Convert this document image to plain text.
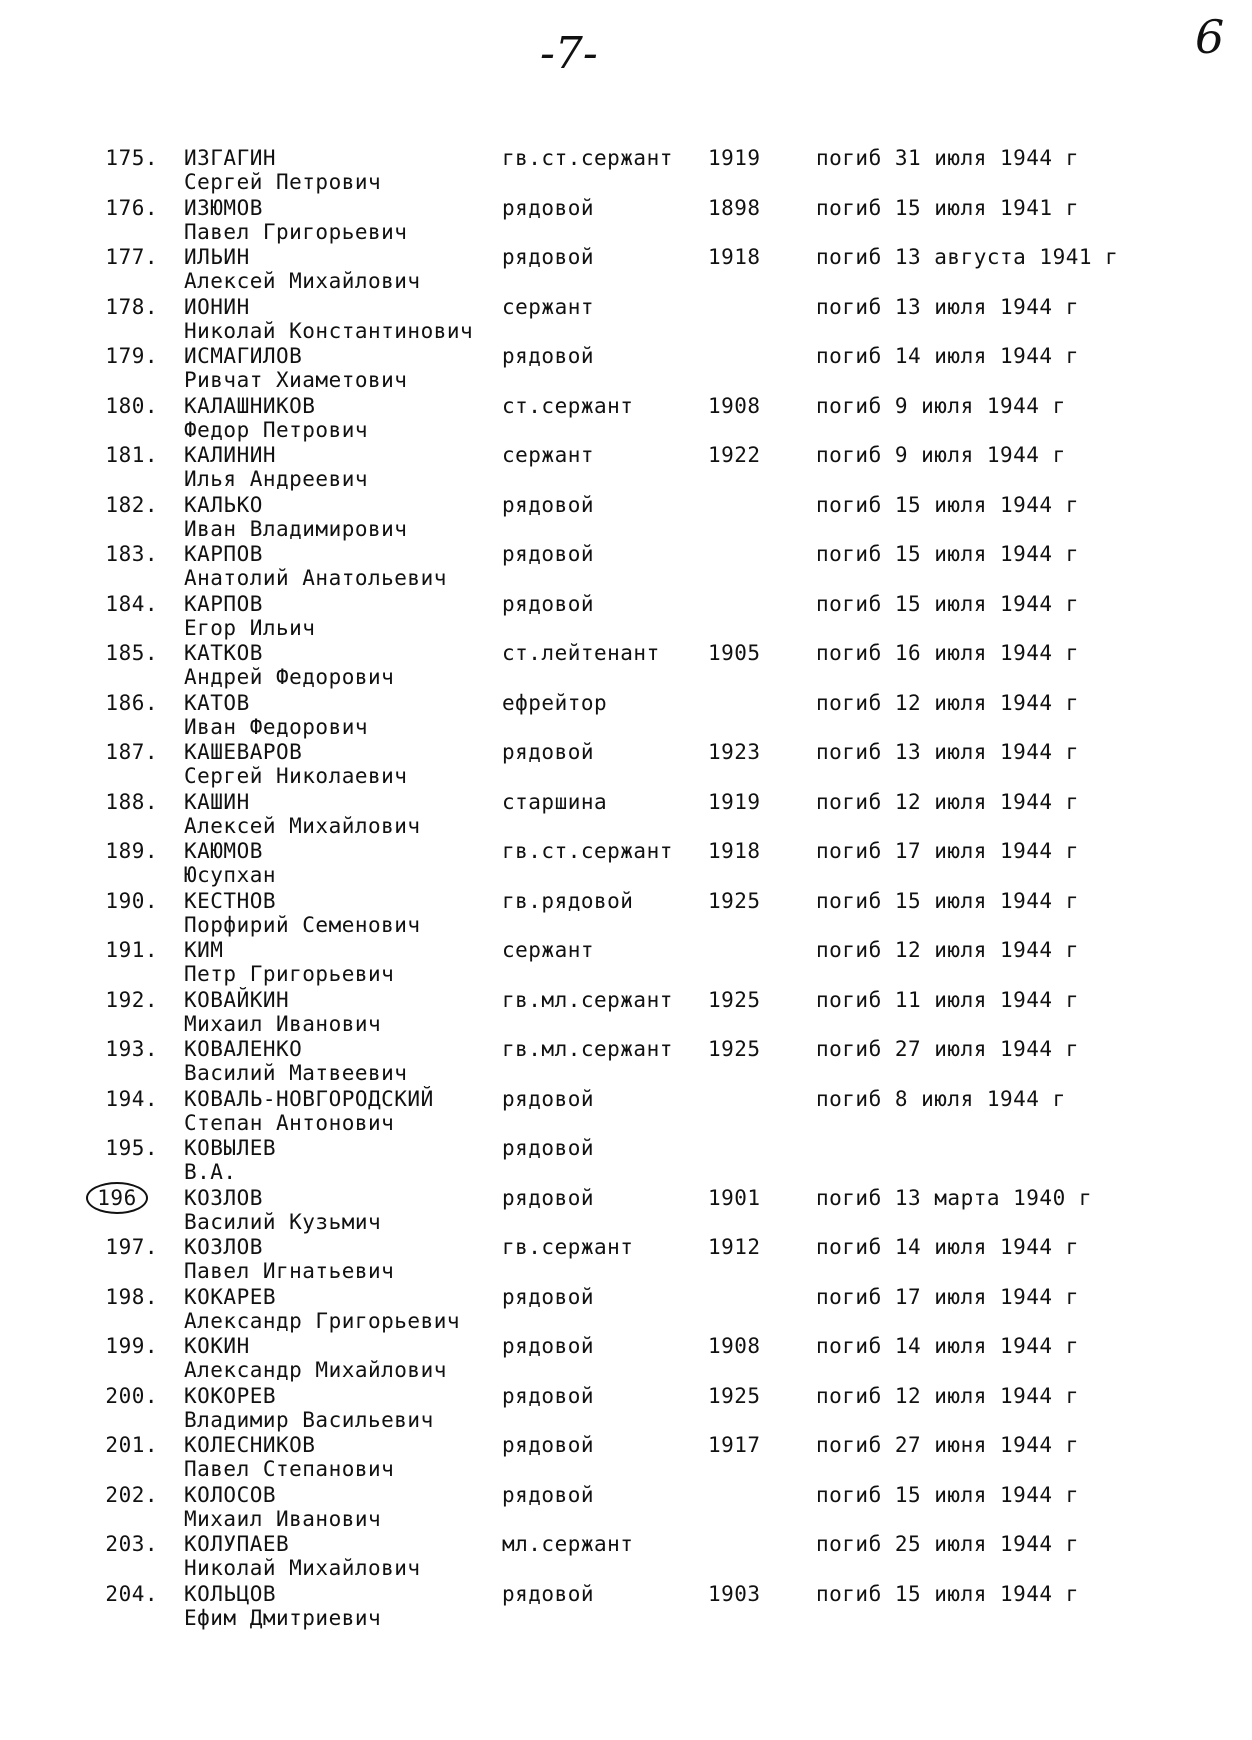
-7-	6
175. ИЗГАГИН
Сергей Петрович
гв.ст.сержант 1919	погиб 31 июля 1944 г
176. ИЗЮМОВ
Павел Григорьевич
рядовой	1898	погиб 15 июля 1941 г
177. ИЛЬИН
Алексей Михайлович
рядовой	1918	погиб 13 августа 1941 г
178. ИОНИН
Николай Константинович
сержант	погиб 13 июля 1944 г
179. ИСМАГИЛОВ
Ривчат Хиаметович
рядовой	погиб 14 июля 1944 г
180. КАЛАШНИКОВ
Федор Петрович
ст.сержант	1908	погиб 9 июля 1944 г
181. КАЛИНИН
Илья Андреевич
сержант	1922	погиб 9 июля 1944 г
182. КАЛЬКО
Иван Владимирович
рядовой	погиб 15 июля 1944 г
183. КАРПОВ
Анатолий Анатольевич
рядовой	погиб 15 июля 1944 г
184. КАРПОВ
Егор Ильич
рядовой	погиб 15 июля 1944 г
185. КАТКОВ
Андрей Федорович
ст.лейтенант 1905	погиб 16 июля 1944 г
186. КАТОВ
Иван Федорович
ефрейтор	погиб 12 июля 1944 г
187. КАШЕВАРОВ
Сергей Николаевич
рядовой	1923	погиб 13 июля 1944 г
188. КАШИН
Алексей Михайлович
старшина	1919	погиб 12 июля 1944 г
189. КАЮМОВ
Юсупхан
гв.ст.сержант 1918	погиб 17 июля 1944 г
190. КЕСТНОВ
Порфирий Семенович
гв.рядовой	1925	погиб 15 июля 1944 г
191. КИМ
Петр Григорьевич
сержант	погиб 12 июля 1944 г
192. КОВАЙКИН
Михаил Иванович
гв.мл.сержант 1925	погиб 11 июля 1944 г
193. КОВАЛЕНКО
Василий Матвеевич
гв.мл.сержант 1925	погиб 27 июля 1944 г
194. КОВАЛЬ-НОВГОРОДСКИЙ
Степан Антонович
рядовой	погиб 8 июля 1944 г
195. КОВЫЛЕВ
В.А.
рядовой
196	КОЗЛОВ
Василий Кузьмич
рядовой	1901	погиб 13 марта 1940 г
197. КОЗЛОВ
Павел Игнатьевич
гв.сержант	1912	погиб 14 июля 1944 г
198. КОКАРЕВ
Александр Григорьевич
рядовой	погиб 17 июля 1944 г
199. КОКИН
Александр Михайлович
рядовой	1908	погиб 14 июля 1944 г
200. КОКОРЕВ
Владимир Васильевич
рядовой	1925	погиб 12 июля 1944 г
201. КОЛЕСНИКОВ
Павел Степанович
рядовой	1917	погиб 27 июня 1944 г
202. КОЛОСОВ
Михаил Иванович
рядовой	погиб 15 июля 1944 г
203. КОЛУПАЕВ
Николай Михайлович
мл.сержант	погиб 25 июля 1944 г
204. КОЛЬЦОВ
Ефим Дмитриевич
рядовой	1903	погиб 15 июля 1944 г
